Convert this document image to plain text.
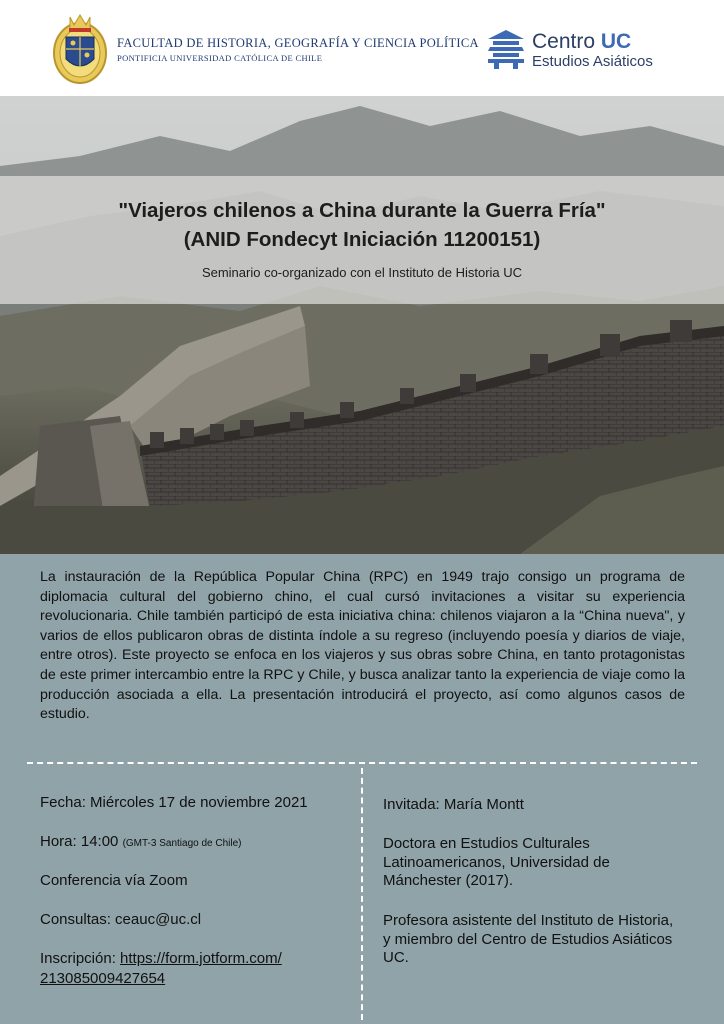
FACULTAD DE HISTORIA, GEOGRAFÍA Y CIENCIA POLÍTICA
PONTIFICIA UNIVERSIDAD CATÓLICA DE CHILE
Centro UC
Estudios Asiáticos
"Viajeros chilenos a China durante la Guerra Fría"
(ANID Fondecyt Iniciación 11200151)
Seminario co-organizado con el Instituto de Historia UC
La instauración de la República Popular China (RPC) en 1949 trajo consigo un programa de diplomacia cultural del gobierno chino, el cual cursó invitaciones a visitar su experiencia revolucionaria. Chile también participó de esta iniciativa china: chilenos viajaron a la “China nueva", y varios de ellos publicaron obras de distinta índole a su regreso (incluyendo poesía y diarios de viaje, entre otros). Este proyecto se enfoca en los viajeros y sus obras sobre China, en tanto protagonistas de este primer intercambio entre la RPC y Chile, y busca analizar tanto la experiencia de viaje como la producción asociada a ella. La presentación introducirá el proyecto, así como algunos casos de estudio.
Fecha: Miércoles 17 de noviembre 2021
Hora: 14:00 (GMT-3 Santiago de Chile)
Conferencia vía Zoom
Consultas: ceauc@uc.cl
Inscripción: https://form.jotform.com/
213085009427654
Invitada: María Montt
Doctora en Estudios Culturales Latinoamericanos, Universidad de Mánchester (2017).
Profesora asistente del Instituto de Historia, y miembro del Centro de Estudios Asiáticos UC.
